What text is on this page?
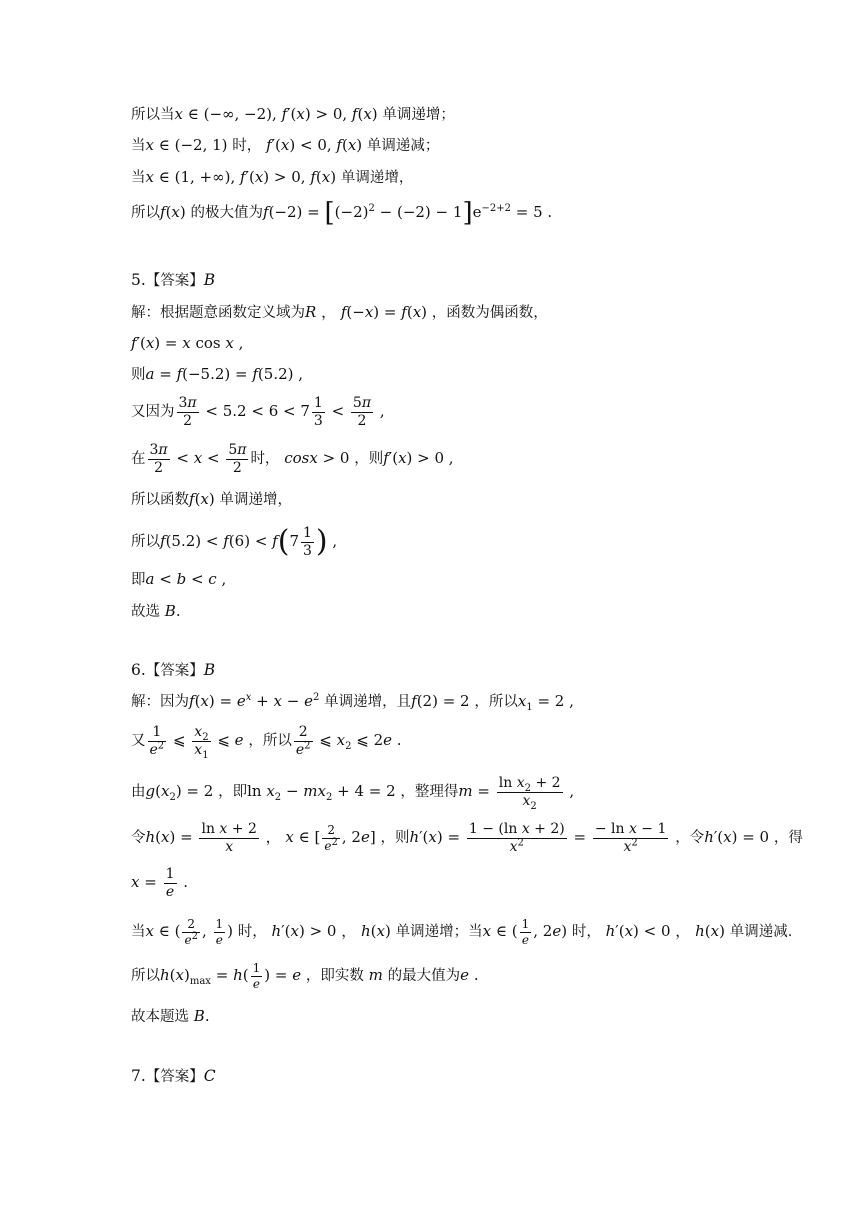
所以当x ∈ (−∞, −2), f′(x) > 0, f(x) 单调递增；
当x ∈ (−2, 1) 时， f′(x) < 0, f(x) 单调递减；
当x ∈ (1, +∞), f′(x) > 0, f(x) 单调递增，
所以f(x) 的极大值为$f(-2) = [(-2)^2 - (-2) - 1]e^{-2+2} = 5$ .
5.【答案】B
解：根据题意函数定义域为R ， f(−x) = f(x) ，函数为偶函数，
f′(x) = x cos x ,
则a = f(−5.2) = f(5.2) ,
又因为 $\frac{3\pi}{2} < 5.2 < 6 < 7 \frac{1}{3} < \frac{5\pi}{2}$ ,
在 $\frac{3\pi}{2} < x < \frac{5\pi}{2}$ 时， cosx > 0 ，则f′(x) > 0 ,
所以函数f(x) 单调递增，
所以$f(5.2) < f(6) < f(7 \frac{1}{3}$ ) ,
即a < b < c ,
故选 B.
6.【答案】B
解：因为$f(x) = e^x + x - e^2$ 单调递增，且f(2) = 2 ，所以$x_1 = 2$ ,
又 $\frac{1}{e^2}$ ⩽ $\frac{x_2}{x_1}$ ⩽ e ，所以 $\frac{2}{e^2}$ ⩽ $x_2$ ⩽ 2e .
由$g(x_2) = 2$ ，即$\ln x_2 - mx_2 + 4 = 2$ ，整理得$m = \frac{\ln x_2 + 2}{x_2}$ ,
令$h(x) = \frac{\text{ln x + 2}}{x}$ ， x ∈ [ $\frac{2}{e^2}$ , 2e] ，则$h'(x) = \frac{\text{1 − (ln x + 2)}}{x^2} = \frac{\text{− ln x − 1}}{x^2}$ ，令h′(x) = 0 ，得
$x = \frac{1}{e}$ .
当x ∈ ( $\frac{2}{e^2}$ , $\frac{1}{e}$ ) 时， h′(x) > 0 ， h(x) 单调递增；当x ∈ ( $\frac{1}{e}$ , 2e) 时， h′(x) < 0 ， h(x) 单调递减.
所以$h(x)_{max} = h( \frac{1}{e}$ ) = e ，即实数 m 的最大值为e .
故本题选 B.
7.【答案】C
